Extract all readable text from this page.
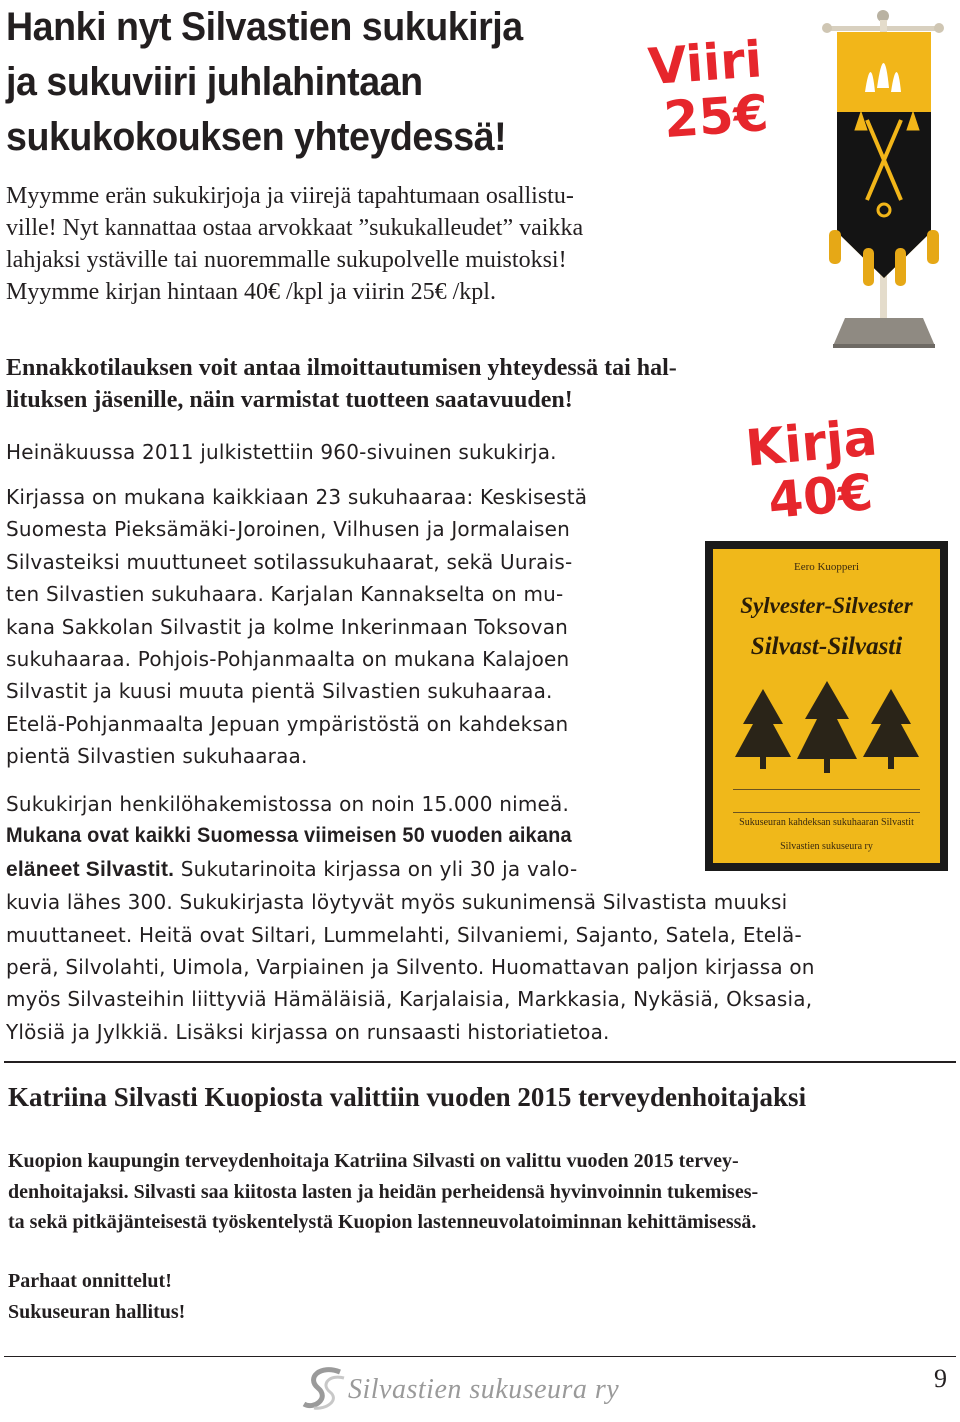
Hanki nyt Silvastien sukukirja
ja sukuviiri juhlahintaan
sukukokouksen yhteydessä!
Viiri
25€
Myymme erän sukukirjoja ja viirejä tapahtumaan osallistu-
ville! Nyt kannattaa ostaa arvokkaat ”sukukalleudet” vaikka
lahjaksi ystäville tai nuoremmalle sukupolvelle muistoksi!
Myymme kirjan hintaan 40€ /kpl ja viirin 25€ /kpl.
Ennakkotilauksen voit antaa ilmoittautumisen yhteydessä tai hal-
lituksen jäsenille, näin varmistat tuotteen saatavuuden!
Kirja
40€
Heinäkuussa 2011 julkistettiin 960-sivuinen sukukirja.
Kirjassa on mukana kaikkiaan 23 sukuhaaraa: Keskisestä
Suomesta Pieksämäki-Joroinen, Vilhusen ja Jormalaisen
Silvasteiksi muuttuneet sotilassukuhaarat, sekä Uurais-
ten Silvastien sukuhaara. Karjalan Kannakselta on mu-
kana Sakkolan Silvastit ja kolme Inkerinmaan Toksovan
sukuhaaraa. Pohjois-Pohjanmaalta on mukana Kalajoen
Silvastit ja kuusi muuta pientä Silvastien sukuhaaraa.
Etelä-Pohjanmaalta Jepuan ympäristöstä on kahdeksan
pientä Silvastien sukuhaaraa.
Eero Kuopperi
Sylvester-Silvester
Silvast-Silvasti
Sukuseuran kahdeksan sukuhaaran Silvastit
Silvastien sukuseura ry
Sukukirjan henkilöhakemistossa on noin 15.000 nimeä.
Mukana ovat kaikki Suomessa viimeisen 50 vuoden aikana
eläneet Silvastit. Sukutarinoita kirjassa on yli 30 ja valo-
kuvia lähes 300. Sukukirjasta löytyvät myös sukunimensä Silvastista muuksi
muuttaneet. Heitä ovat Siltari, Lummelahti, Silvaniemi, Sajanto, Satela, Etelä-
perä, Silvolahti, Uimola, Varpiainen ja Silvento. Huomattavan paljon kirjassa on
myös Silvasteihin liittyviä Hämäläisiä, Karjalaisia, Markkasia, Nykäsiä, Oksasia,
Ylösiä ja Jylkkiä. Lisäksi kirjassa on runsaasti historiatietoa.
Katriina Silvasti Kuopiosta valittiin vuoden 2015 terveydenhoitajaksi
Kuopion kaupungin terveydenhoitaja Katriina Silvasti on valittu vuoden 2015 tervey-
denhoitajaksi. Silvasti saa kiitosta lasten ja heidän perheidensä hyvinvoinnin tukemises-
ta sekä pitkäjänteisestä työskentelystä Kuopion lastenneuvolatoiminnan kehittämisessä.
Parhaat onnittelut!
Sukuseuran hallitus!
Silvastien sukuseura ry	9
